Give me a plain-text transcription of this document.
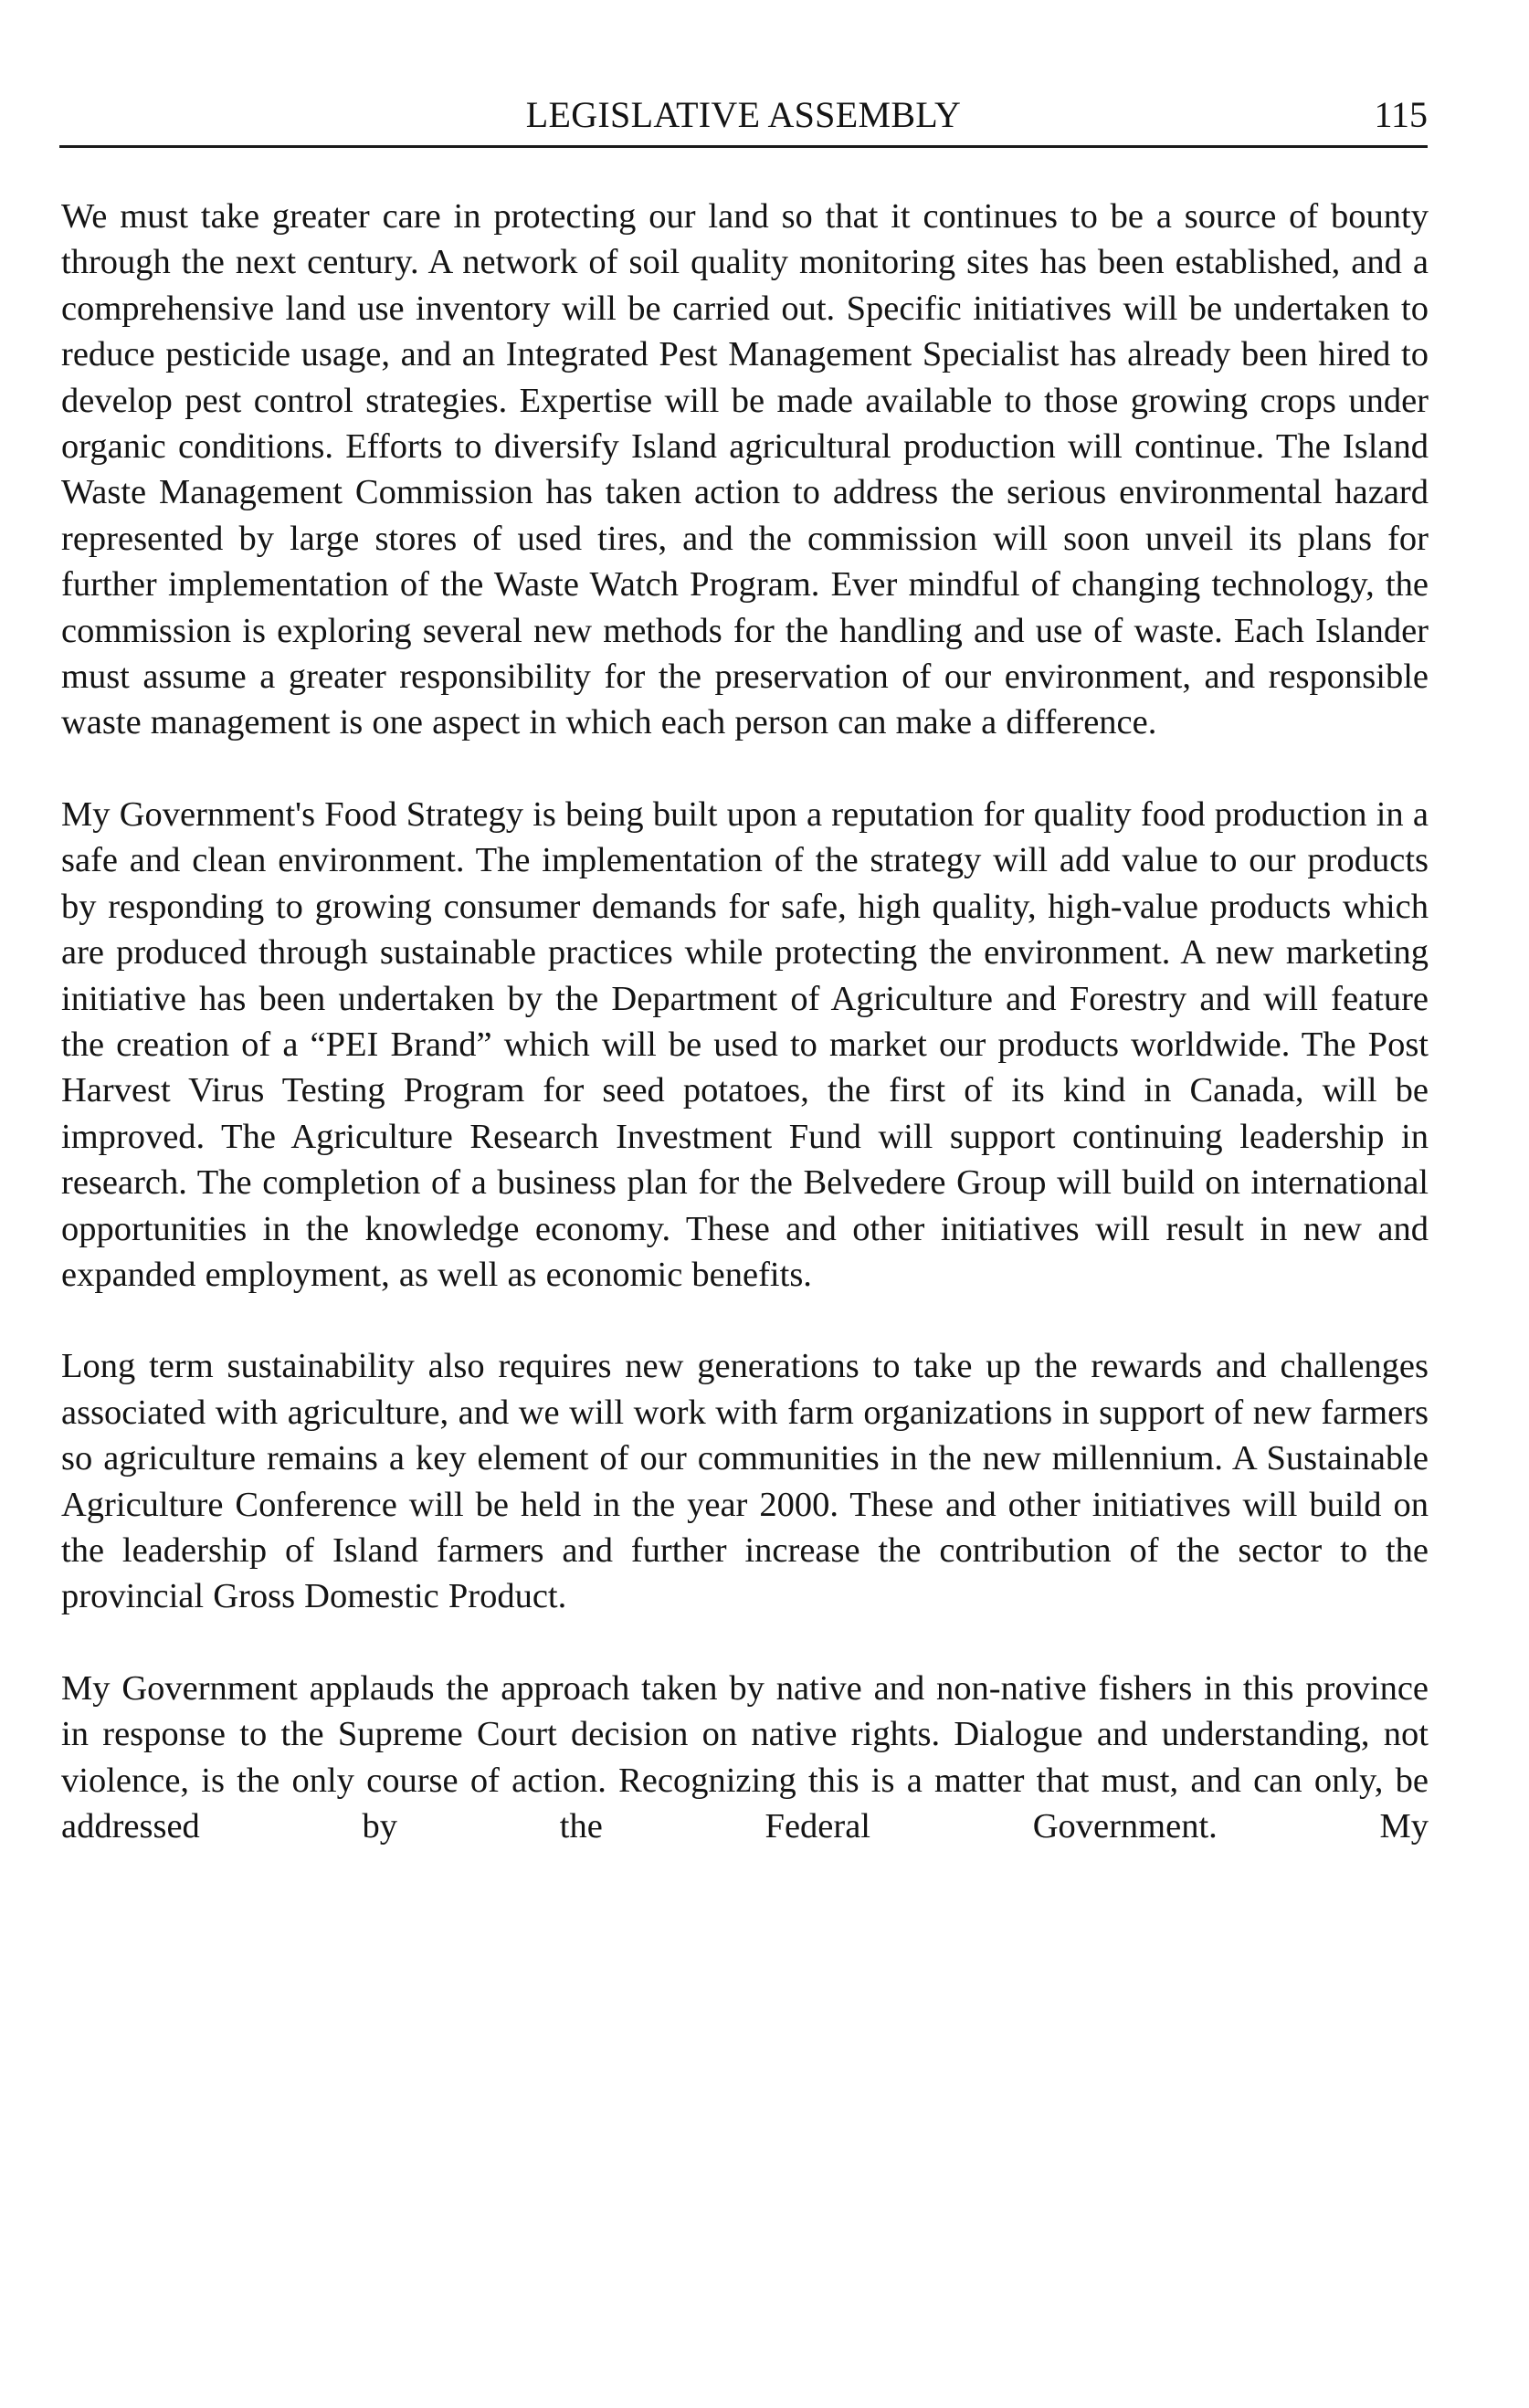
LEGISLATIVE ASSEMBLY	115

We must take greater care in protecting our land so that it continues to be a source of bounty through the next century. A network of soil quality monitoring sites has been established, and a comprehensive land use inventory will be carried out. Specific initiatives will be undertaken to reduce pesticide usage, and an Integrated Pest Management Specialist has already been hired to develop pest control strategies. Expertise will be made available to those growing crops under organic conditions. Efforts to diversify Island agricultural production will continue. The Island Waste Management Commission has taken action to address the serious environmental hazard represented by large stores of used tires, and the commission will soon unveil its plans for further implementation of the Waste Watch Program. Ever mindful of changing technology, the commission is exploring several new methods for the handling and use of waste. Each Islander must assume a greater responsibility for the preservation of our environment, and responsible waste management is one aspect in which each person can make a difference.

My Government's Food Strategy is being built upon a reputation for quality food production in a safe and clean environment. The implementation of the strategy will add value to our products by responding to growing consumer demands for safe, high quality, high-value products which are produced through sustainable practices while protecting the environment. A new marketing initiative has been undertaken by the Department of Agriculture and Forestry and will feature the creation of a “PEI Brand” which will be used to market our products worldwide. The Post Harvest Virus Testing Program for seed potatoes, the first of its kind in Canada, will be improved. The Agriculture Research Investment Fund will support continuing leadership in research. The completion of a business plan for the Belvedere Group will build on international opportunities in the knowledge economy. These and other initiatives will result in new and expanded employment, as well as economic benefits.

Long term sustainability also requires new generations to take up the rewards and challenges associated with agriculture, and we will work with farm organizations in support of new farmers so agriculture remains a key element of our communities in the new millennium. A Sustainable Agriculture Conference will be held in the year 2000. These and other initiatives will build on the leadership of Island farmers and further increase the contribution of the sector to the provincial Gross Domestic Product.

My Government applauds the approach taken by native and non-native fishers in this province in response to the Supreme Court decision on native rights. Dialogue and understanding, not violence, is the only course of action. Recognizing this is a matter that must, and can only, be addressed by the Federal Government. My
